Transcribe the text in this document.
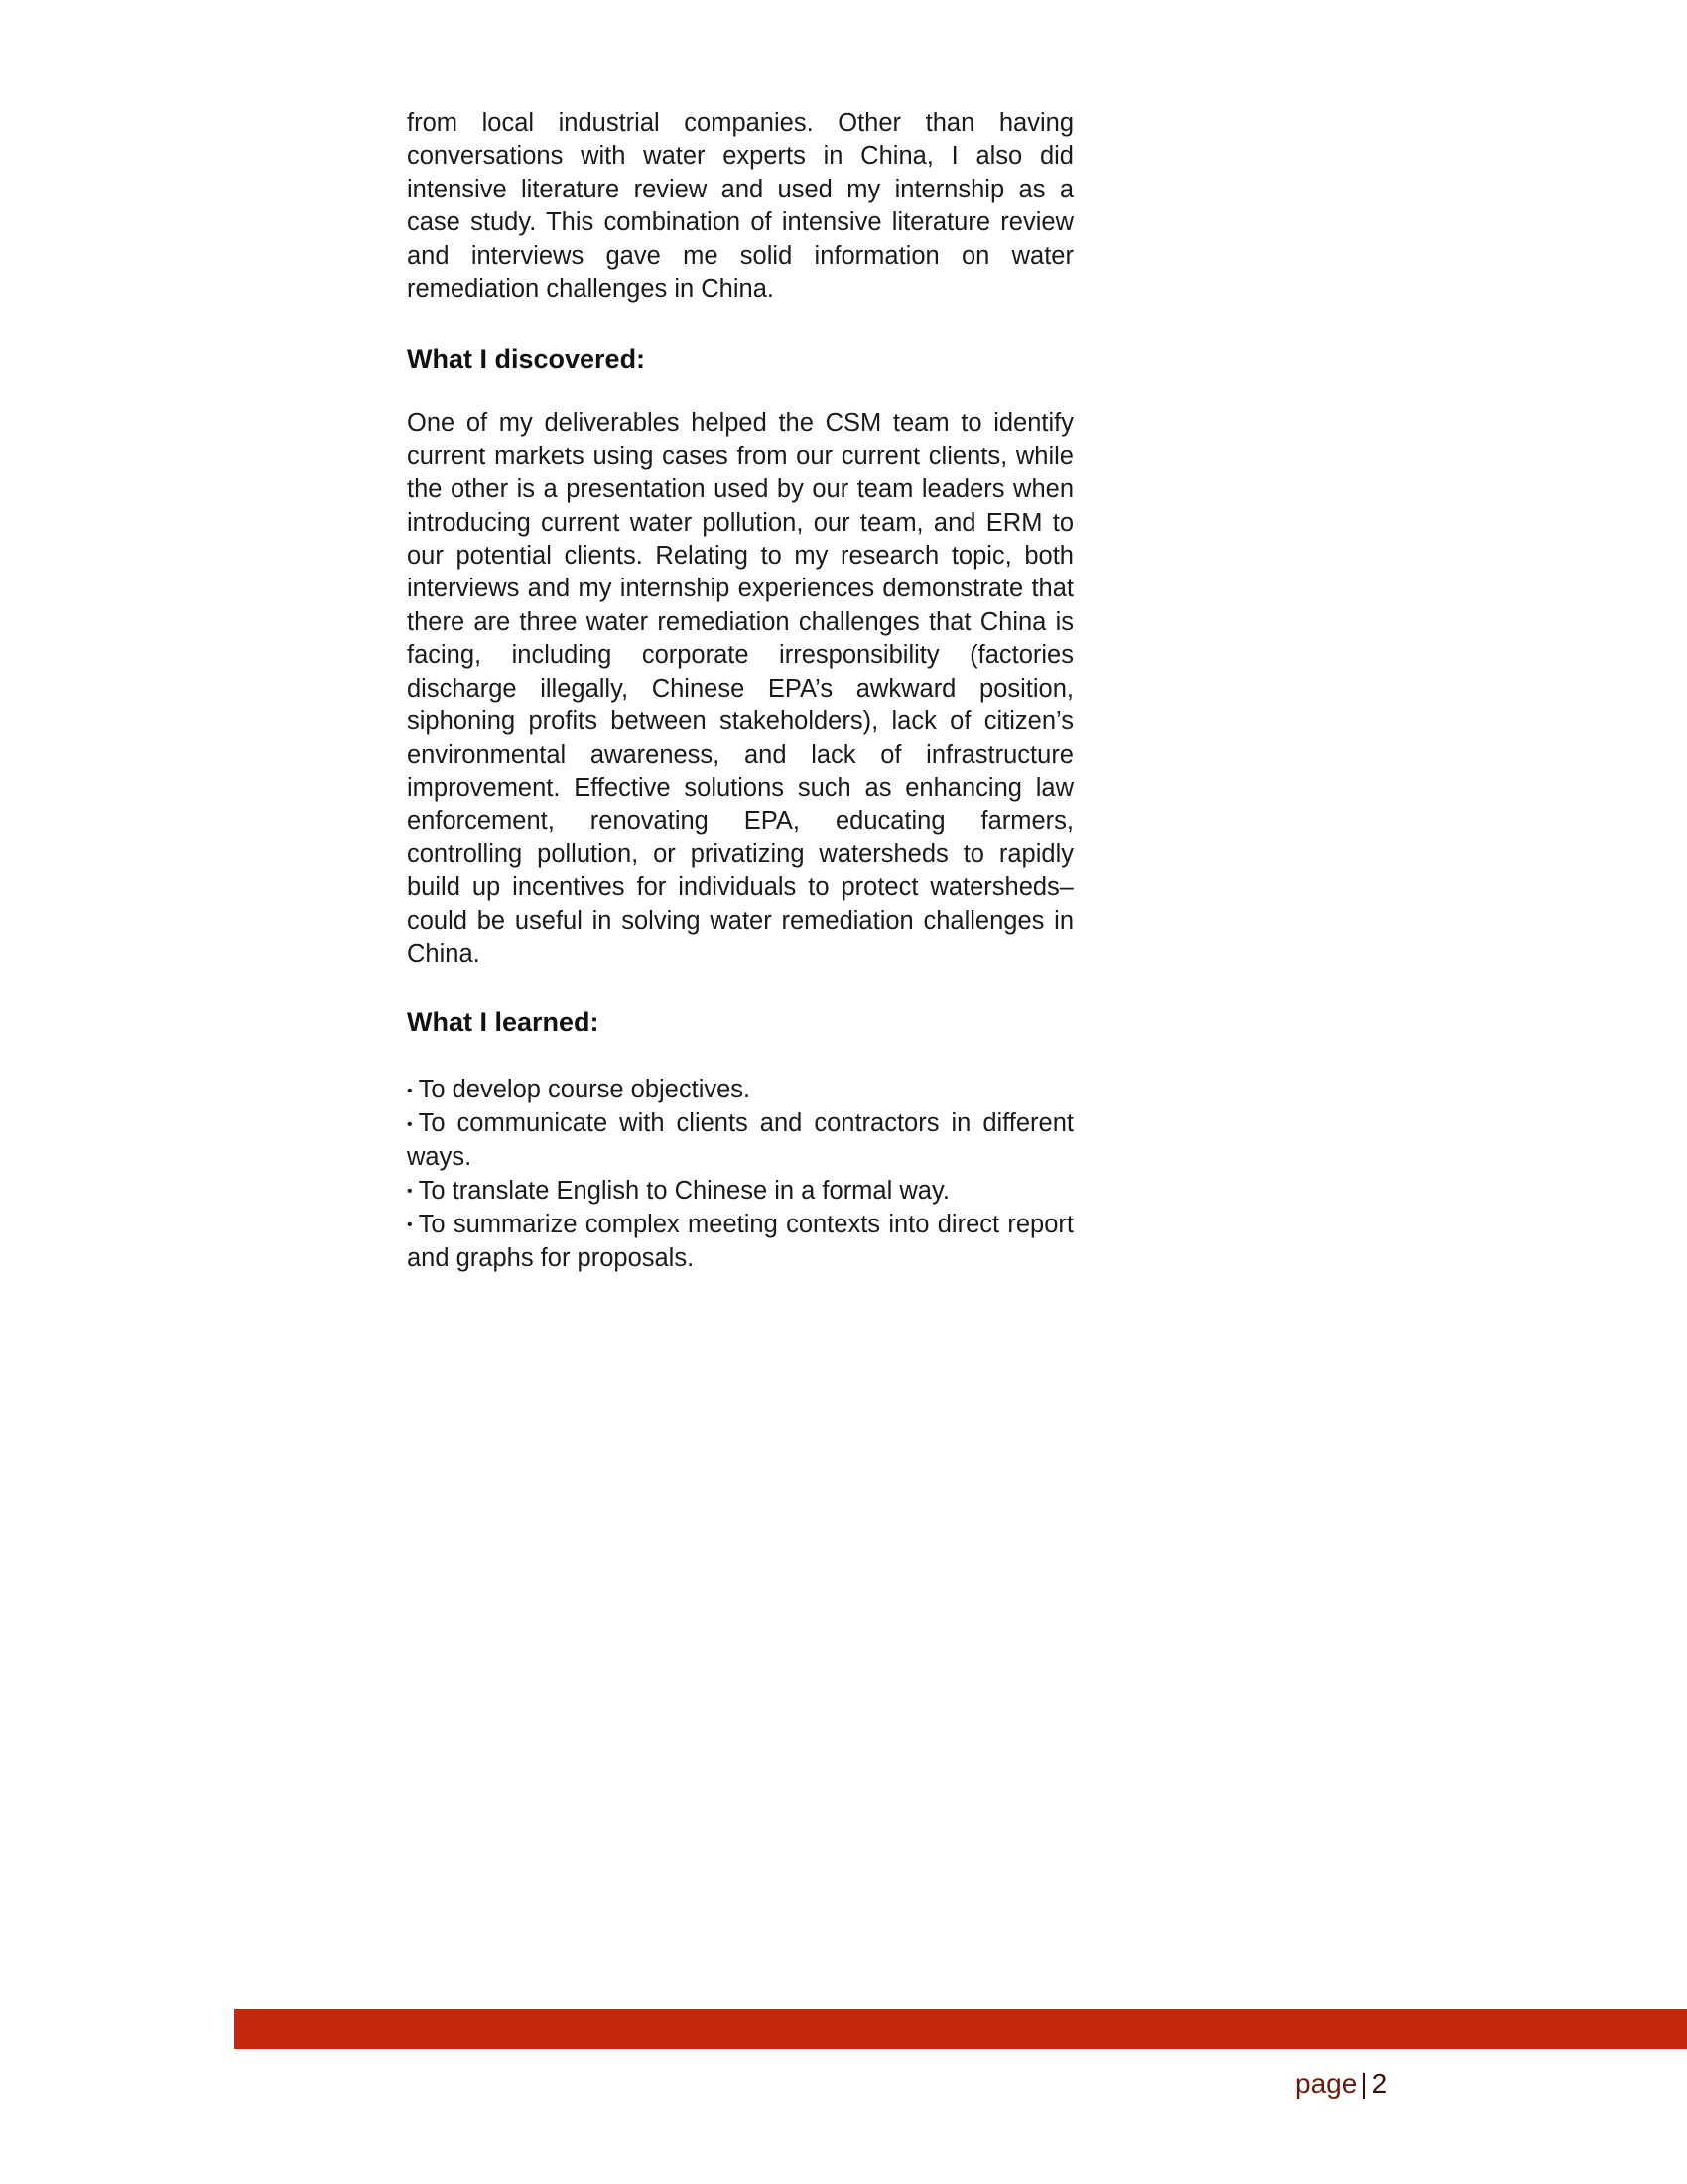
from local industrial companies. Other than having conversations with water experts in China, I also did intensive literature review and used my internship as a case study. This combination of intensive literature review and interviews gave me solid information on water remediation challenges in China.

What I discovered:

One of my deliverables helped the CSM team to identify current markets using cases from our current clients, while the other is a presentation used by our team leaders when introducing current water pollution, our team, and ERM to our potential clients. Relating to my research topic, both interviews and my internship experiences demonstrate that there are three water remediation challenges that China is facing, including corporate irresponsibility (factories discharge illegally, Chinese EPA’s awkward position, siphoning profits between stakeholders), lack of citizen’s environmental awareness, and lack of infrastructure improvement. Effective solutions such as enhancing law enforcement, renovating EPA, educating farmers, controlling pollution, or privatizing watersheds to rapidly build up incentives for individuals to protect watersheds–could be useful in solving water remediation challenges in China.

What I learned:
• To develop course objectives.
• To communicate with clients and contractors in different ways.
• To translate English to Chinese in a formal way.
• To summarize complex meeting contexts into direct report and graphs for proposals.
page | 2
